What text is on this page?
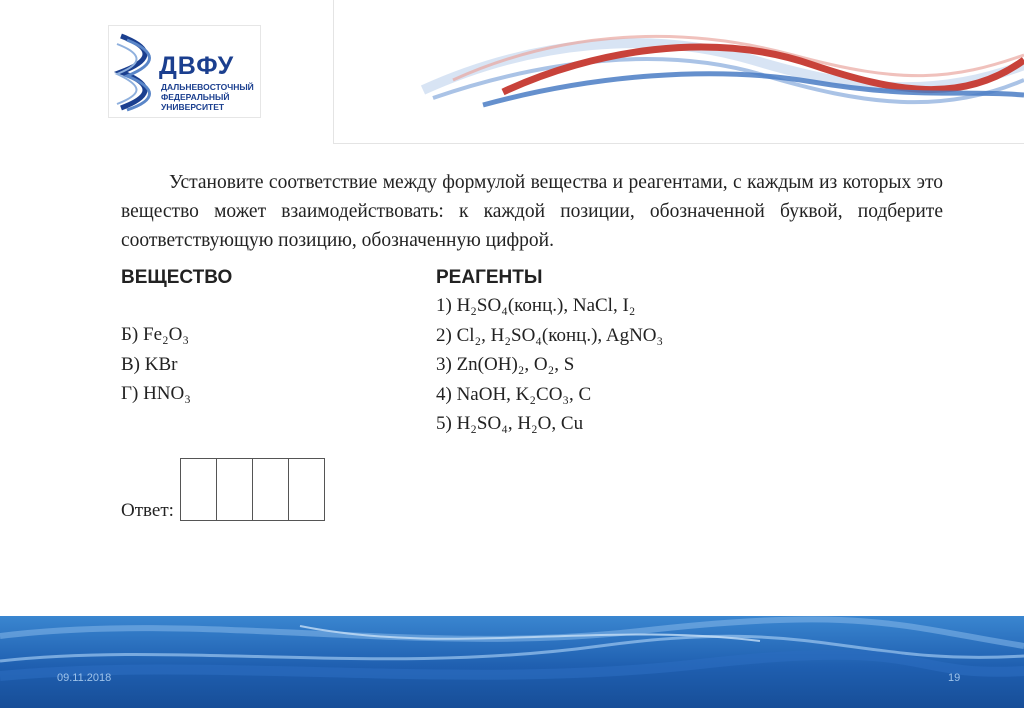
ДВФУ
ДАЛЬНЕВОСТОЧНЫЙ
ФЕДЕРАЛЬНЫЙ
УНИВЕРСИТЕТ
Установите соответствие между формулой вещества и реагентами, с каждым из которых это вещество может взаимодействовать: к каждой позиции, обозначенной буквой, подберите соответствующую позицию, обозначенную цифрой.
ВЕЩЕСТВО
Б) Fe₂O₃
В) KBr
Г) HNO₃
РЕАГЕНТЫ
1) H₂SO₄(конц.), NaCl, I₂
2) Cl₂, H₂SO₄(конц.), AgNO₃
3) Zn(OH)₂, O₂, S
4) NaOH, K₂CO₃, C
5) H₂SO₄, H₂O, Cu
Ответ:
09.11.2018	19
